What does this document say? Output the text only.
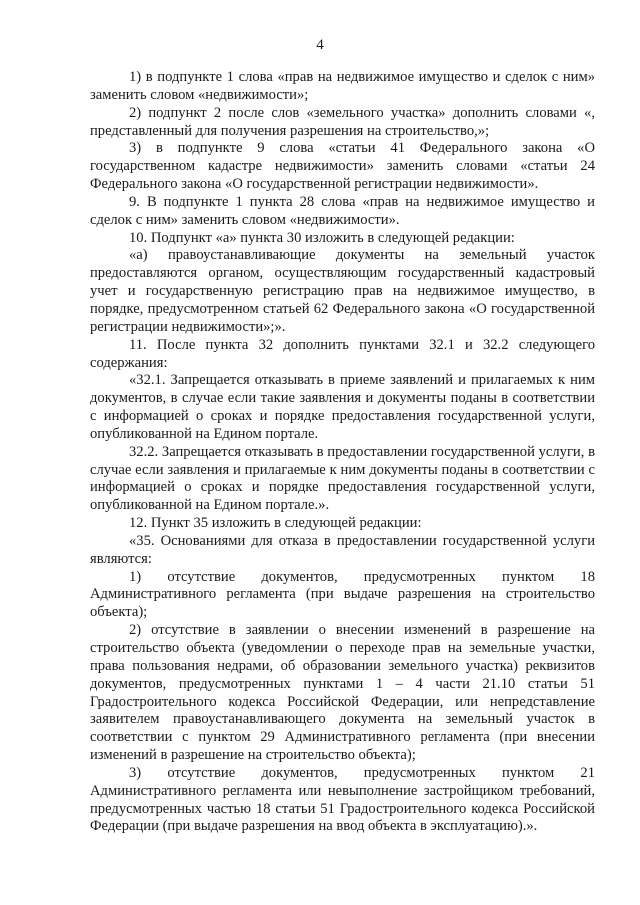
4

1) в подпункте 1 слова «прав на недвижимое имущество и сделок с ним» заменить словом «недвижимости»;

2) подпункт 2 после слов «земельного участка» дополнить словами «, представленный для получения разрешения на строительство,»;

3) в подпункте 9 слова «статьи 41 Федерального закона «О государственном кадастре недвижимости» заменить словами «статьи 24 Федерального закона «О государственной регистрации недвижимости».

9. В подпункте 1 пункта 28 слова «прав на недвижимое имущество и сделок с ним» заменить словом «недвижимости».

10. Подпункт «а» пункта 30 изложить в следующей редакции:

«а) правоустанавливающие документы на земельный участок предоставляются органом, осуществляющим государственный кадастровый учет и государственную регистрацию прав на недвижимое имущество, в порядке, предусмотренном статьей 62 Федерального закона «О государственной регистрации недвижимости»;».

11. После пункта 32 дополнить пунктами 32.1 и 32.2 следующего содержания:

«32.1. Запрещается отказывать в приеме заявлений и прилагаемых к ним документов, в случае если такие заявления и документы поданы в соответствии с информацией о сроках и порядке предоставления государственной услуги, опубликованной на Едином портале.

32.2. Запрещается отказывать в предоставлении государственной услуги, в случае если заявления и прилагаемые к ним документы поданы в соответствии с информацией о сроках и порядке предоставления государственной услуги, опубликованной на Едином портале.».

12. Пункт 35 изложить в следующей редакции:

«35. Основаниями для отказа в предоставлении государственной услуги являются:

1) отсутствие документов, предусмотренных пунктом 18 Административного регламента (при выдаче разрешения на строительство объекта);

2) отсутствие в заявлении о внесении изменений в разрешение на строительство объекта (уведомлении о переходе прав на земельные участки, права пользования недрами, об образовании земельного участка) реквизитов документов, предусмотренных пунктами 1 – 4 части 21.10 статьи 51 Градостроительного кодекса Российской Федерации, или непредставление заявителем правоустанавливающего документа на земельный участок в соответствии с пунктом 29 Административного регламента (при внесении изменений в разрешение на строительство объекта);

3) отсутствие документов, предусмотренных пунктом 21 Административного регламента или невыполнение застройщиком требований, предусмотренных частью 18 статьи 51 Градостроительного кодекса Российской Федерации (при выдаче разрешения на ввод объекта в эксплуатацию).».
